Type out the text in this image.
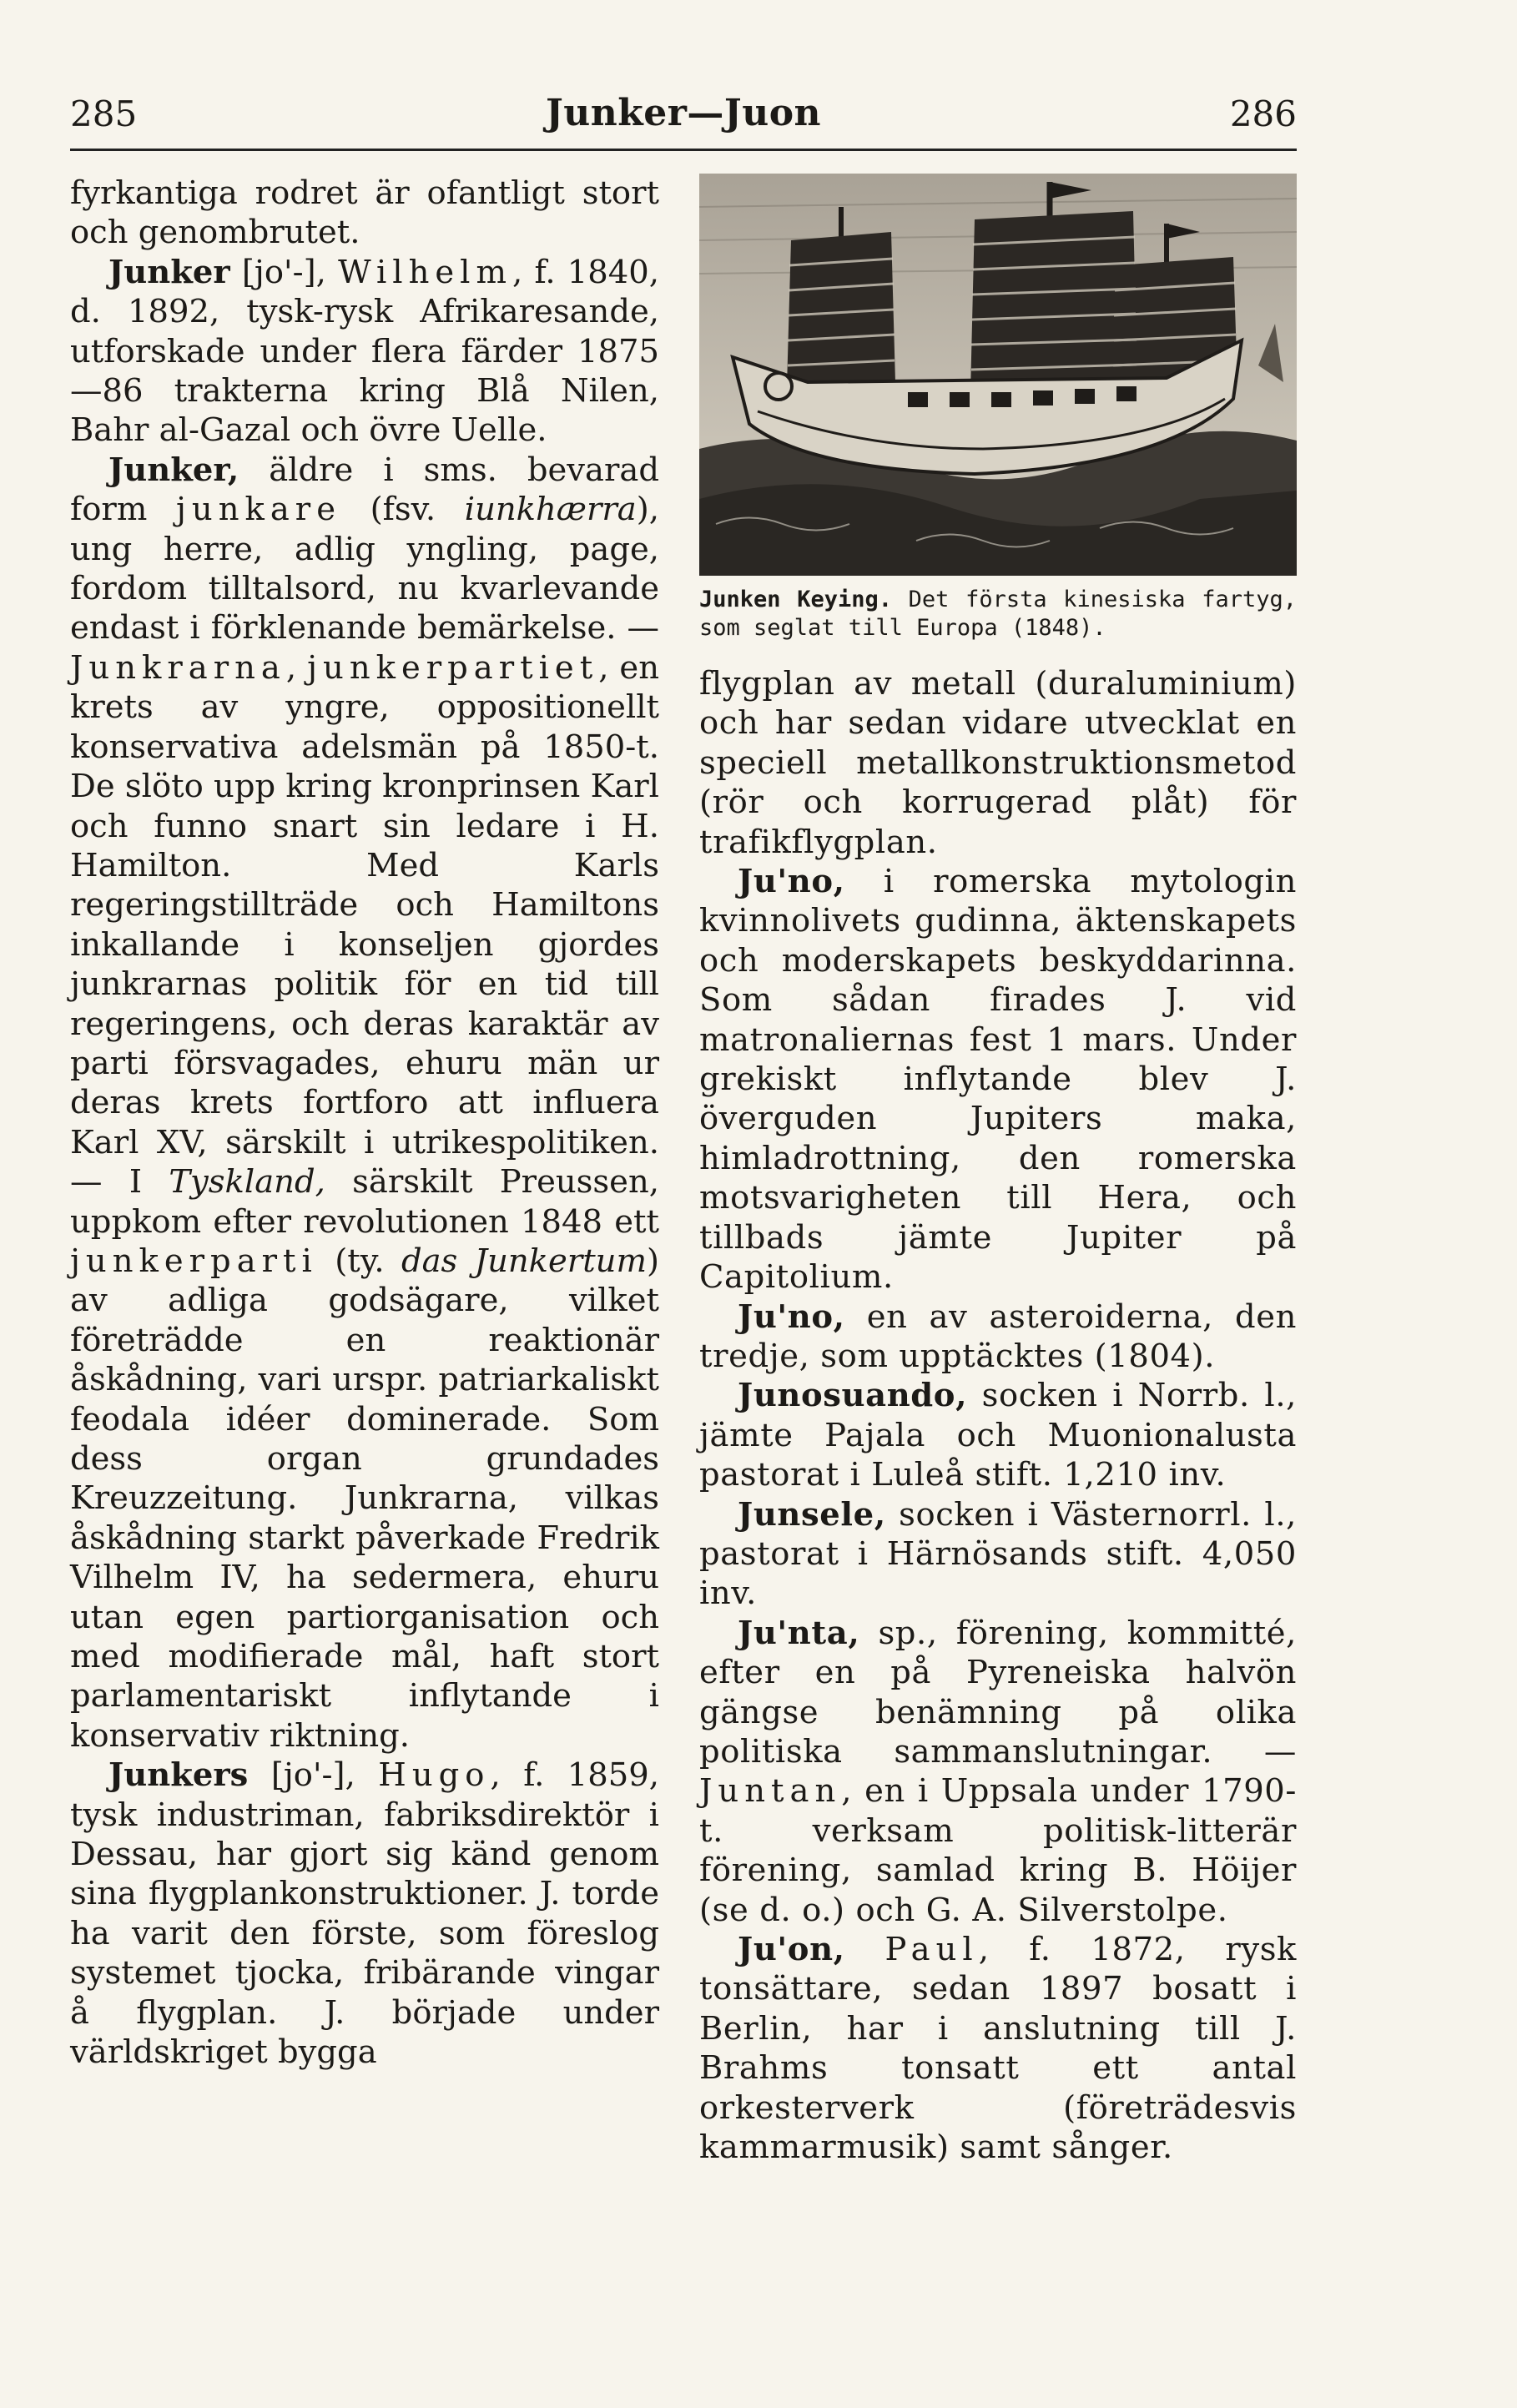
285	Junker—Juon	286

fyrkantiga rodret är ofantligt stort och genombrutet.

Junker [jo'-], Wilhelm, f. 1840, d. 1892, tysk-rysk Afrikaresande, utforskade under flera färder 1875—86 trakterna kring Blå Nilen, Bahr al-Gazal och övre Uelle.

Junker, äldre i sms. bevarad form junkare (fsv. iunkhærra), ung herre, adlig yngling, page, fordom tilltalsord, nu kvarlevande endast i förklenande bemärkelse. — Junkrarna, junkerpartiet, en krets av yngre, oppositionellt konservativa adelsmän på 1850-t. De slöto upp kring kronprinsen Karl och funno snart sin ledare i H. Hamilton. Med Karls regeringstillträde och Hamiltons inkallande i konseljen gjordes junkrarnas politik för en tid till regeringens, och deras karaktär av parti försvagades, ehuru män ur deras krets fortforo att influera Karl XV, särskilt i utrikespolitiken. — I Tyskland, särskilt Preussen, uppkom efter revolutionen 1848 ett junkerparti (ty. das Junkertum) av adliga godsägare, vilket företrädde en reaktionär åskådning, vari urspr. patriarkaliskt feodala idéer dominerade. Som dess organ grundades Kreuzzeitung. Junkrarna, vilkas åskådning starkt påverkade Fredrik Vilhelm IV, ha sedermera, ehuru utan egen partiorganisation och med modifierade mål, haft stort parlamentariskt inflytande i konservativ riktning.

Junkers [jo'-], Hugo, f. 1859, tysk industriman, fabriksdirektör i Dessau, har gjort sig känd genom sina flygplankonstruktioner. J. torde ha varit den förste, som föreslog systemet tjocka, fribärande vingar å flygplan. J. började under världskriget bygga

Junken Keying. Det första kinesiska fartyg, som seglat till Europa (1848).

flygplan av metall (duraluminium) och har sedan vidare utvecklat en speciell metallkonstruktionsmetod (rör och korrugerad plåt) för trafikflygplan.

Ju'no, i romerska mytologin kvinnolivets gudinna, äktenskapets och moderskapets beskyddarinna. Som sådan firades J. vid matronaliernas fest 1 mars. Under grekiskt inflytande blev J. överguden Jupiters maka, himladrottning, den romerska motsvarigheten till Hera, och tillbads jämte Jupiter på Capitolium.

Ju'no, en av asteroiderna, den tredje, som upptäcktes (1804).

Junosuando, socken i Norrb. l., jämte Pajala och Muonionalusta pastorat i Luleå stift. 1,210 inv.

Junsele, socken i Västernorrl. l., pastorat i Härnösands stift. 4,050 inv.

Ju'nta, sp., förening, kommitté, efter en på Pyreneiska halvön gängse benämning på olika politiska sammanslutningar. — Juntan, en i Uppsala under 1790-t. verksam politisk-litterär förening, samlad kring B. Höijer (se d. o.) och G. A. Silverstolpe.

Ju'on, Paul, f. 1872, rysk tonsättare, sedan 1897 bosatt i Berlin, har i anslutning till J. Brahms tonsatt ett antal orkesterverk (företrädesvis kammarmusik) samt sånger.
